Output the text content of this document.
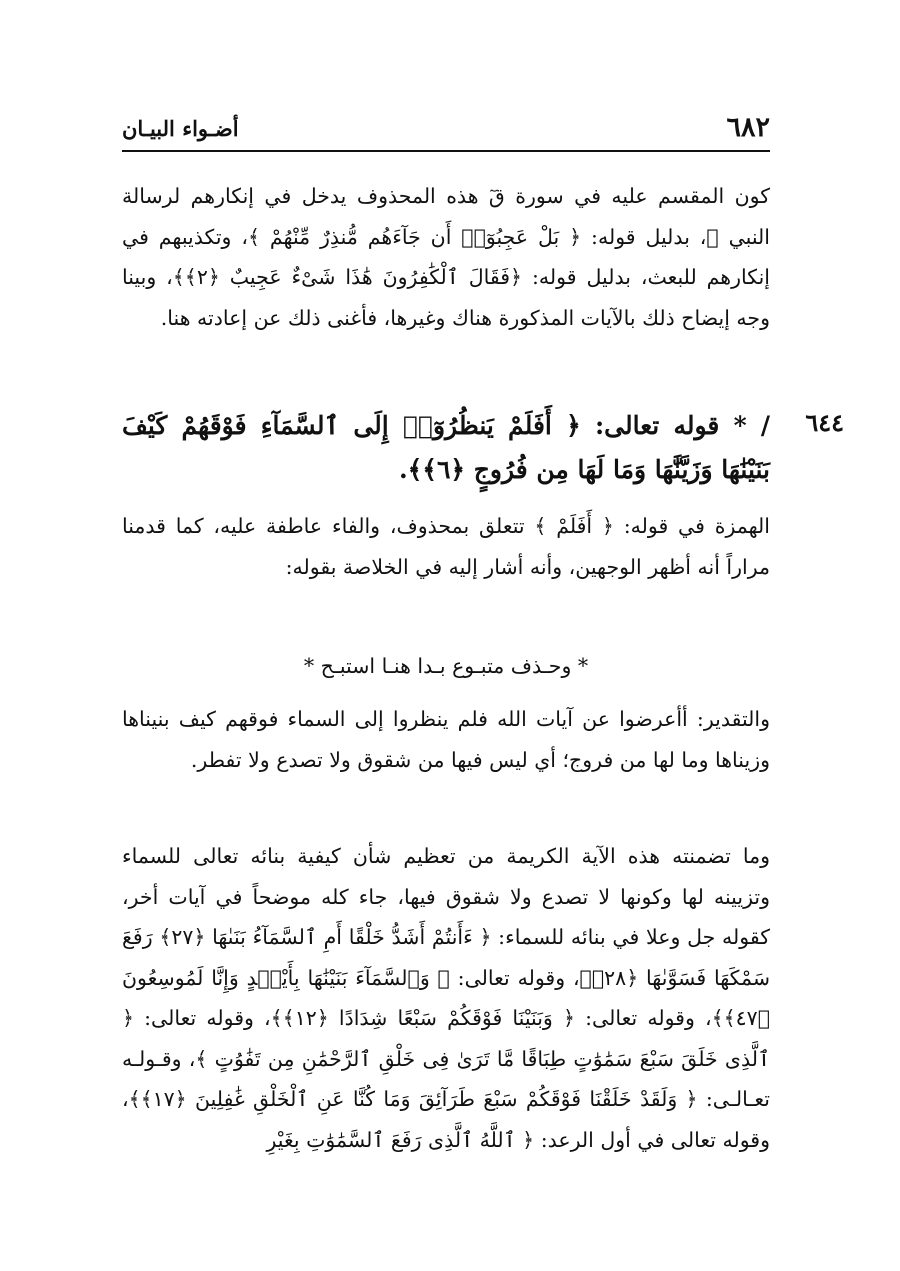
٦٨٢
أضـواء البيـان
كون المقسم عليه في سورة قٓ هذه المحذوف يدخل في إنكارهم لرسالة النبي ﷺ، بدليل قوله: ﴿ بَلْ عَجِبُوٓا۟ أَن جَآءَهُم مُّنذِرٌ مِّنْهُمْ ﴾، وتكذيبهم في إنكارهم للبعث، بدليل قوله: ﴿فَقَالَ ٱلْكَٰفِرُونَ هَٰذَا شَىْءٌ عَجِيبٌ ﴿٢﴾﴾، وبينا وجه إيضاح ذلك بالآيات المذكورة هناك وغيرها، فأغنى ذلك عن إعادته هنا.
٦٤٤
/ * قوله تعالى: ﴿ أَفَلَمْ يَنظُرُوٓا۟ إِلَى ٱلسَّمَآءِ فَوْقَهُمْ كَيْفَ بَنَيْنَٰهَا وَزَيَّنَّٰهَا وَمَا لَهَا مِن فُرُوجٍ ﴿٦﴾﴾.
الهمزة في قوله: ﴿ أَفَلَمْ ﴾ تتعلق بمحذوف، والفاء عاطفة عليه، كما قدمنا مراراً أنه أظهر الوجهين، وأنه أشار إليه في الخلاصة بقوله:
* وحـذف متبـوع بـدا هنـا استبـح *
والتقدير: أأعرضوا عن آيات الله فلم ينظروا إلى السماء فوقهم كيف بنيناها وزيناها وما لها من فروج؛ أي ليس فيها من شقوق ولا تصدع ولا تفطر.
وما تضمنته هذه الآية الكريمة من تعظيم شأن كيفية بنائه تعالى للسماء وتزيينه لها وكونها لا تصدع ولا شقوق فيها، جاء كله موضحاً في آيات أخر، كقوله جل وعلا في بنائه للسماء: ﴿ ءَأَنتُمْ أَشَدُّ خَلْقًا أَمِ ٱلسَّمَآءُ بَنَىٰهَا ﴿٢٧﴾ رَفَعَ سَمْكَهَا فَسَوَّىٰهَا ﴿٢٨﴾﴾، وقوله تعالى: ﴿ وَٱلسَّمَآءَ بَنَيْنَٰهَا بِأَيْي۟دٍ وَإِنَّا لَمُوسِعُونَ ﴿٤٧﴾﴾، وقوله تعالى: ﴿ وَبَنَيْنَا فَوْقَكُمْ سَبْعًا شِدَادًا ﴿١٢﴾﴾، وقوله تعالى: ﴿ ٱلَّذِى خَلَقَ سَبْعَ سَمَٰوَٰتٍ طِبَاقًا مَّا تَرَىٰ فِى خَلْقِ ٱلرَّحْمَٰنِ مِن تَفَٰوُتٍ ﴾، وقـولـه تعـالـى: ﴿ وَلَقَدْ خَلَقْنَا فَوْقَكُمْ سَبْعَ طَرَآئِقَ وَمَا كُنَّا عَنِ ٱلْخَلْقِ غَٰفِلِينَ ﴿١٧﴾﴾، وقوله تعالى في أول الرعد: ﴿ ٱللَّهُ ٱلَّذِى رَفَعَ ٱلسَّمَٰوَٰتِ بِغَيْرِ
